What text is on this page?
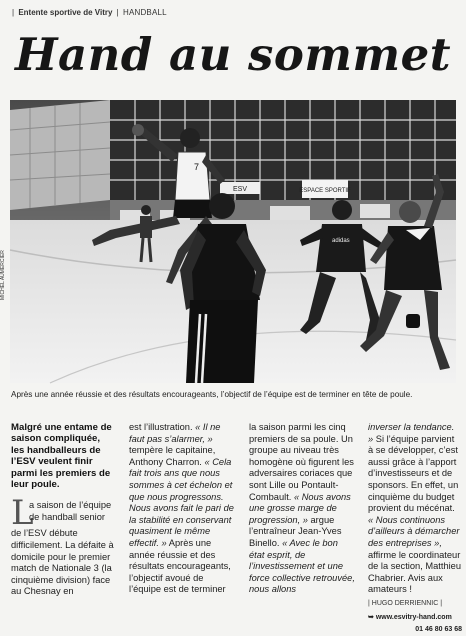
| Entente sportive de Vitry | HANDBALL
Hand au sommet
ESV	ESPACE SPORTIF
7
adidas
MICHEL AUMERCIER

Après une année réussie et des résultats encourageants, l’objectif de l’équipe est de terminer en tête de poule.

Malgré une entame de saison compliquée, les handballeurs de l’ESV veulent finir parmi les premiers de leur poule.

L
a saison de l’équipe de handball senior

de l’ESV débute difficilement. La défaite à domicile pour le premier match de Nationale 3 (la cinquième division) face au Chesnay en

est l’illustration. « Il ne faut pas s’alarmer, » tempère le capitaine, Anthony Charron. « Cela fait trois ans que nous sommes à cet échelon et que nous progressons. Nous avons fait le pari de la stabilité en conservant quasiment le même effectif. » Après une année réussie et des résultats encourageants, l’objectif avoué de l’équipe est de terminer

la saison parmi les cinq premiers de sa poule. Un groupe au niveau très homogène où figurent les adversaires coriaces que sont Lille ou Pontault-Combault. « Nous avons une grosse marge de progression, » argue l’entraîneur Jean-Yves Binello. « Avec le bon état esprit, de l’investissement et une force collective retrouvée, nous allons

inverser la tendance. » Si l’équipe parvient à se développer, c’est aussi grâce à l’apport d’investisseurs et de sponsors. En effet, un cinquième du budget provient du mécénat. « Nous continuons d’ailleurs à démarcher des entreprises », affirme le coordinateur de la section, Matthieu Chabrier. Avis aux amateurs !

| HUGO DERRIENNIC |

➥ www.esvitry-hand.com

01 46 80 63 68
